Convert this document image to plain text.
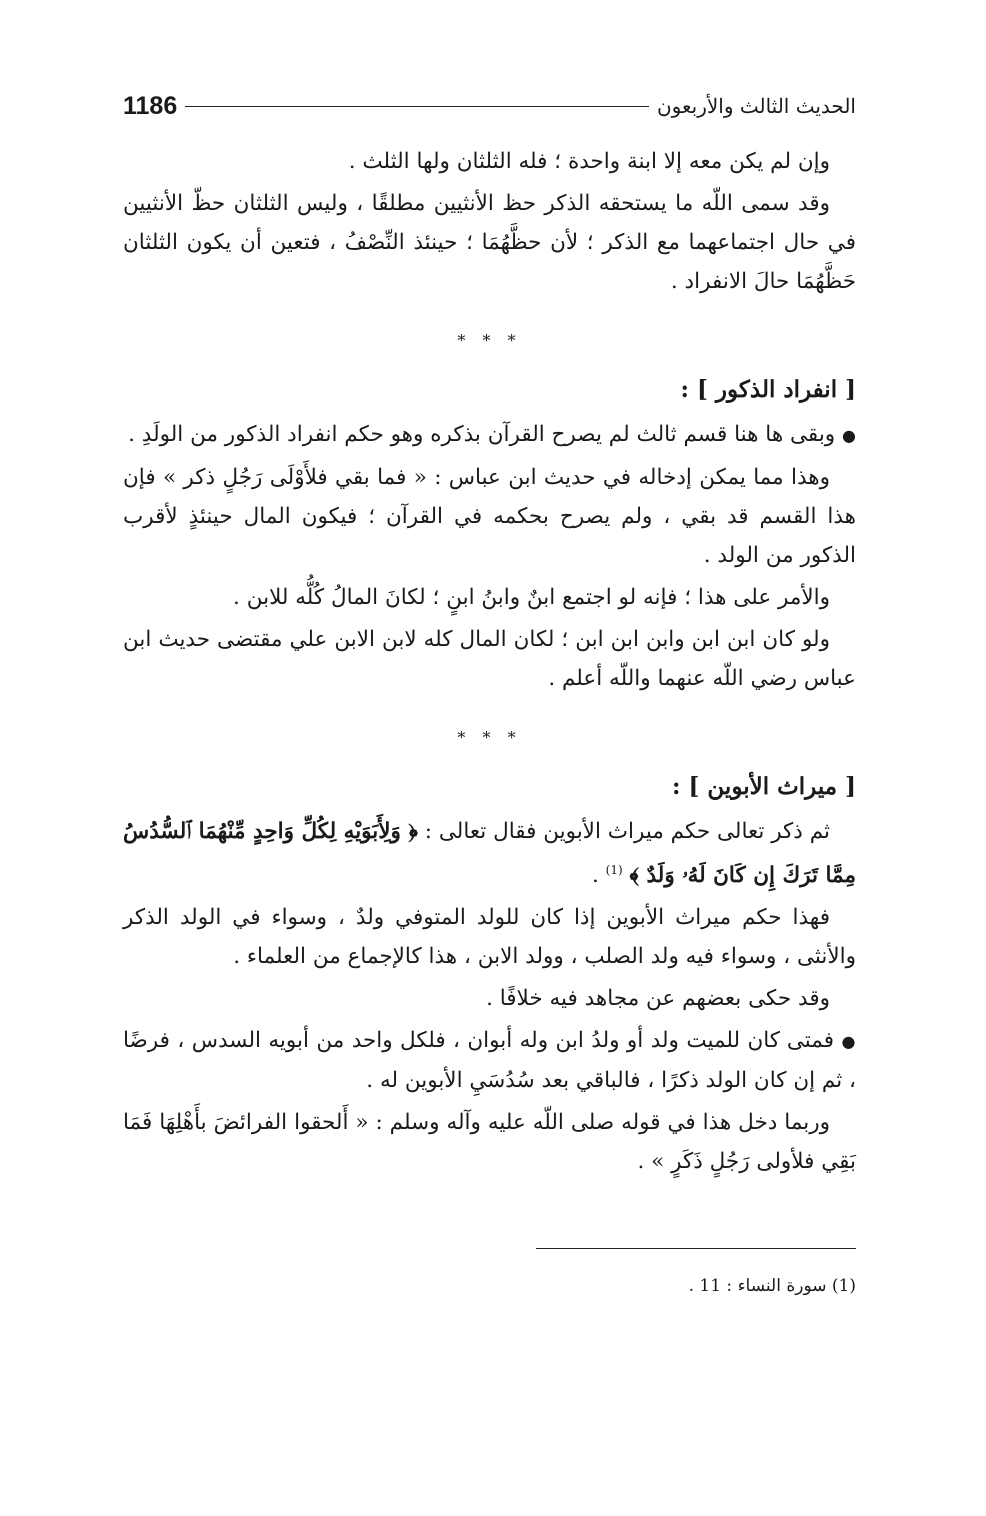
1186	الحديث الثالث والأربعون

وإن لم يكن معه إلا ابنة واحدة ؛ فله الثلثان ولها الثلث .

وقد سمى اللّه ما يستحقه الذكر حظ الأنثيين مطلقًا ، وليس الثلثان حظّ الأنثيين في حال اجتماعهما مع الذكر ؛ لأن حظَّهُمَا ؛ حينئذ النِّصْفُ ، فتعين أن يكون الثلثان حَظَّهُمَا حالَ الانفراد .

* * *
[ انفراد الذكور ] :

● وبقى ها هنا قسم ثالث لم يصرح القرآن بذكره وهو حكم انفراد الذكور من الولَدِ .

وهذا مما يمكن إدخاله في حديث ابن عباس : « فما بقي فلأَوْلَى رَجُلٍ ذكر » فإن هذا القسم قد بقي ، ولم يصرح بحكمه في القرآن ؛ فيكون المال حينئذٍ لأقرب الذكور من الولد .

والأمر على هذا ؛ فإنه لو اجتمع ابنٌ وابنُ ابنٍ ؛ لكانَ المالُ كُلُّه للابن .

ولو كان ابن ابن وابن ابن ابن ؛ لكان المال كله لابن الابن علي مقتضى حديث ابن عباس رضي اللّه عنهما واللّه أعلم .

* * *
[ ميراث الأبوين ] :

ثم ذكر تعالى حكم ميراث الأبوين فقال تعالى : ﴿ وَلِأَبَوَيْهِ لِكُلِّ وَاحِدٍ مِّنْهُمَا ٱلسُّدُسُ مِمَّا تَرَكَ إِن كَانَ لَهُۥ وَلَدٌ ﴾ $^{(1)}$ .

فهذا حكم ميراث الأبوين إذا كان للولد المتوفي ولدٌ ، وسواء في الولد الذكر والأنثى ، وسواء فيه ولد الصلب ، وولد الابن ، هذا كالإجماع من العلماء .

وقد حكى بعضهم عن مجاهد فيه خلافًا .

● فمتى كان للميت ولد أو ولدُ ابن وله أبوان ، فلكل واحد من أبويه السدس ، فرضًا ، ثم إن كان الولد ذكرًا ، فالباقي بعد سُدُسَيِ الأبوين له .

وربما دخل هذا في قوله صلى اللّه عليه وآله وسلم : « أَلحقوا الفرائضَ بأَهْلِهَا فَمَا بَقِي فلأولى رَجُلٍ ذَكَرٍ » .

(1) سورة النساء : 11 .
